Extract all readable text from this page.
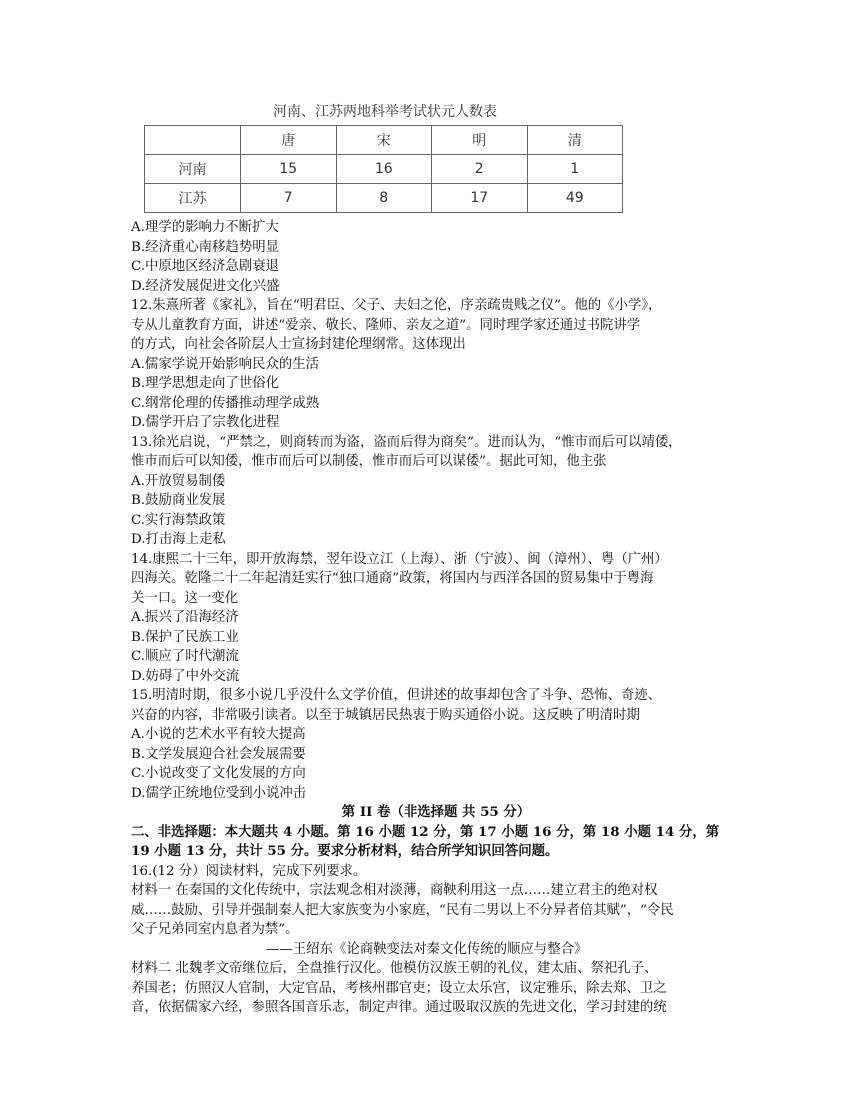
河南、江苏两地科举考试状元人数表
	唐	宋	明	清
河南	15	16	2	1
江苏	7	8	17	49
A.理学的影响力不断扩大
B.经济重心南移趋势明显
C.中原地区经济急剧衰退
D.经济发展促进文化兴盛
12.朱熹所著《家礼》，旨在“明君臣、父子、夫妇之伦，序亲疏贵贱之仪”。他的《小学》，
专从儿童教育方面，讲述“爱亲、敬长、隆师、亲友之道”。同时理学家还通过书院讲学
的方式，向社会各阶层人士宣扬封建伦理纲常。这体现出
A.儒家学说开始影响民众的生活
B.理学思想走向了世俗化
C.纲常伦理的传播推动理学成熟
D.儒学开启了宗教化进程
13.徐光启说，“严禁之，则商转而为盗，盗而后得为商矣”。进而认为，“惟市而后可以靖倭，
惟市而后可以知倭，惟市而后可以制倭，惟市而后可以谋倭”。据此可知，他主张
A.开放贸易制倭
B.鼓励商业发展
C.实行海禁政策
D.打击海上走私
14.康熙二十三年，即开放海禁，翌年设立江（上海）、浙（宁波）、闽（漳州）、粤（广州）
四海关。乾隆二十二年起清廷实行“独口通商”政策，将国内与西洋各国的贸易集中于粤海
关一口。这一变化
A.振兴了沿海经济
B.保护了民族工业
C.顺应了时代潮流
D.妨碍了中外交流
15.明清时期，很多小说几乎没什么文学价值，但讲述的故事却包含了斗争、恐怖、奇迹、
兴奋的内容，非常吸引读者。以至于城镇居民热衷于购买通俗小说。这反映了明清时期
A.小说的艺术水平有较大提高
B.文学发展迎合社会发展需要
C.小说改变了文化发展的方向
D.儒学正统地位受到小说冲击
第 II 卷（非选择题 共 55 分）
二、非选择题：本大题共 4 小题。第 16 小题 12 分，第 17 小题 16 分，第 18 小题 14 分，第
19 小题 13 分，共计 55 分。要求分析材料，结合所学知识回答问题。
16.(12 分）阅读材料，完成下列要求。
材料一 在秦国的文化传统中，宗法观念相对淡薄，商鞅利用这一点……建立君主的绝对权
威……鼓励、引导并强制秦人把大家族变为小家庭，“民有二男以上不分异者倍其赋”，“令民
父子兄弟同室内息者为禁”。
——王绍东《论商鞅变法对秦文化传统的顺应与整合》
材料二 北魏孝文帝继位后，全盘推行汉化。他模仿汉族王朝的礼仪，建太庙、祭祀孔子、
养国老；仿照汉人官制，大定官品，考核州郡官吏；设立太乐宫，议定雅乐，除去郑、卫之
音，依据儒家六经，参照各国音乐志，制定声律。通过吸取汉族的先进文化，学习封建的统
